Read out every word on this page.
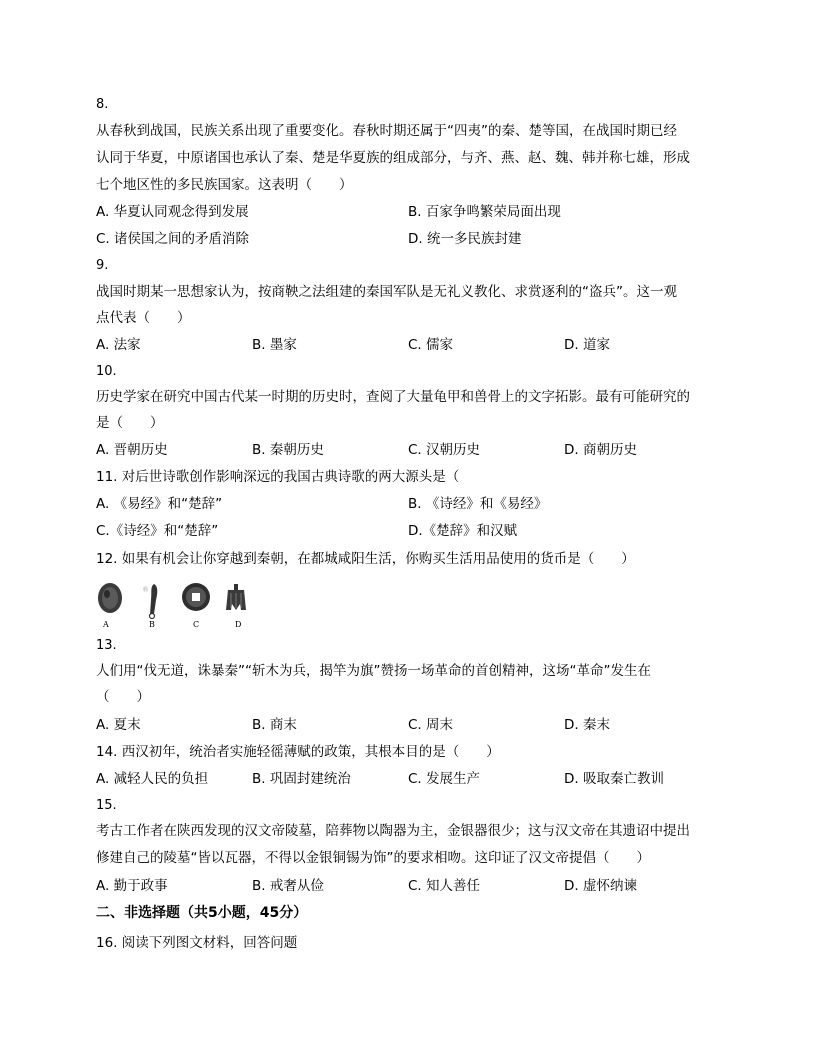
8.
从春秋到战国，民族关系出现了重要变化。春秋时期还属于“四夷”的秦、楚等国，在战国时期已经
认同于华夏，中原诸国也承认了秦、楚是华夏族的组成部分，与齐、燕、赵、魏、韩并称七雄，形成
七个地区性的多民族国家。这表明（　　）
A. 华夏认同观念得到发展	B. 百家争鸣繁荣局面出现
C. 诸侯国之间的矛盾消除	D. 统一多民族封建
9.
战国时期某一思想家认为，按商鞅之法组建的秦国军队是无礼义教化、求赏逐利的“盗兵”。这一观
点代表（　　）
A. 法家	B. 墨家	C. 儒家	D. 道家
10.
历史学家在研究中国古代某一时期的历史时，查阅了大量龟甲和兽骨上的文字拓影。最有可能研究的
是（　　）
A. 晋朝历史	B. 秦朝历史	C. 汉朝历史	D. 商朝历史
11. 对后世诗歌创作影响深远的我国古典诗歌的两大源头是（
A. 《易经》和“楚辞”	B. 《诗经》和《易经》
C.《诗经》和“楚辞”	D.《楚辞》和汉赋
12. 如果有机会让你穿越到秦朝，在都城咸阳生活，你购买生活用品使用的货币是（　　）
Ⓡ
A	B	C	D
13.
人们用“伐无道，诛暴秦”“斩木为兵，揭竿为旗”赞扬一场革命的首创精神，这场“革命”发生在
（　　）
A. 夏末	B. 商末	C. 周末	D. 秦末
14. 西汉初年，统治者实施轻徭薄赋的政策，其根本目的是（　　）
A. 减轻人民的负担	B. 巩固封建统治	C. 发展生产	D. 吸取秦亡教训
15.
考古工作者在陕西发现的汉文帝陵墓，陪葬物以陶器为主，金银器很少；这与汉文帝在其遗诏中提出
修建自己的陵墓“皆以瓦器，不得以金银铜锡为饰”的要求相吻。这印证了汉文帝提倡（　　）
A. 勤于政事	B. 戒奢从俭	C. 知人善任	D. 虚怀纳谏
二、非选择题（共5小题，45分）
16. 阅读下列图文材料，回答问题
